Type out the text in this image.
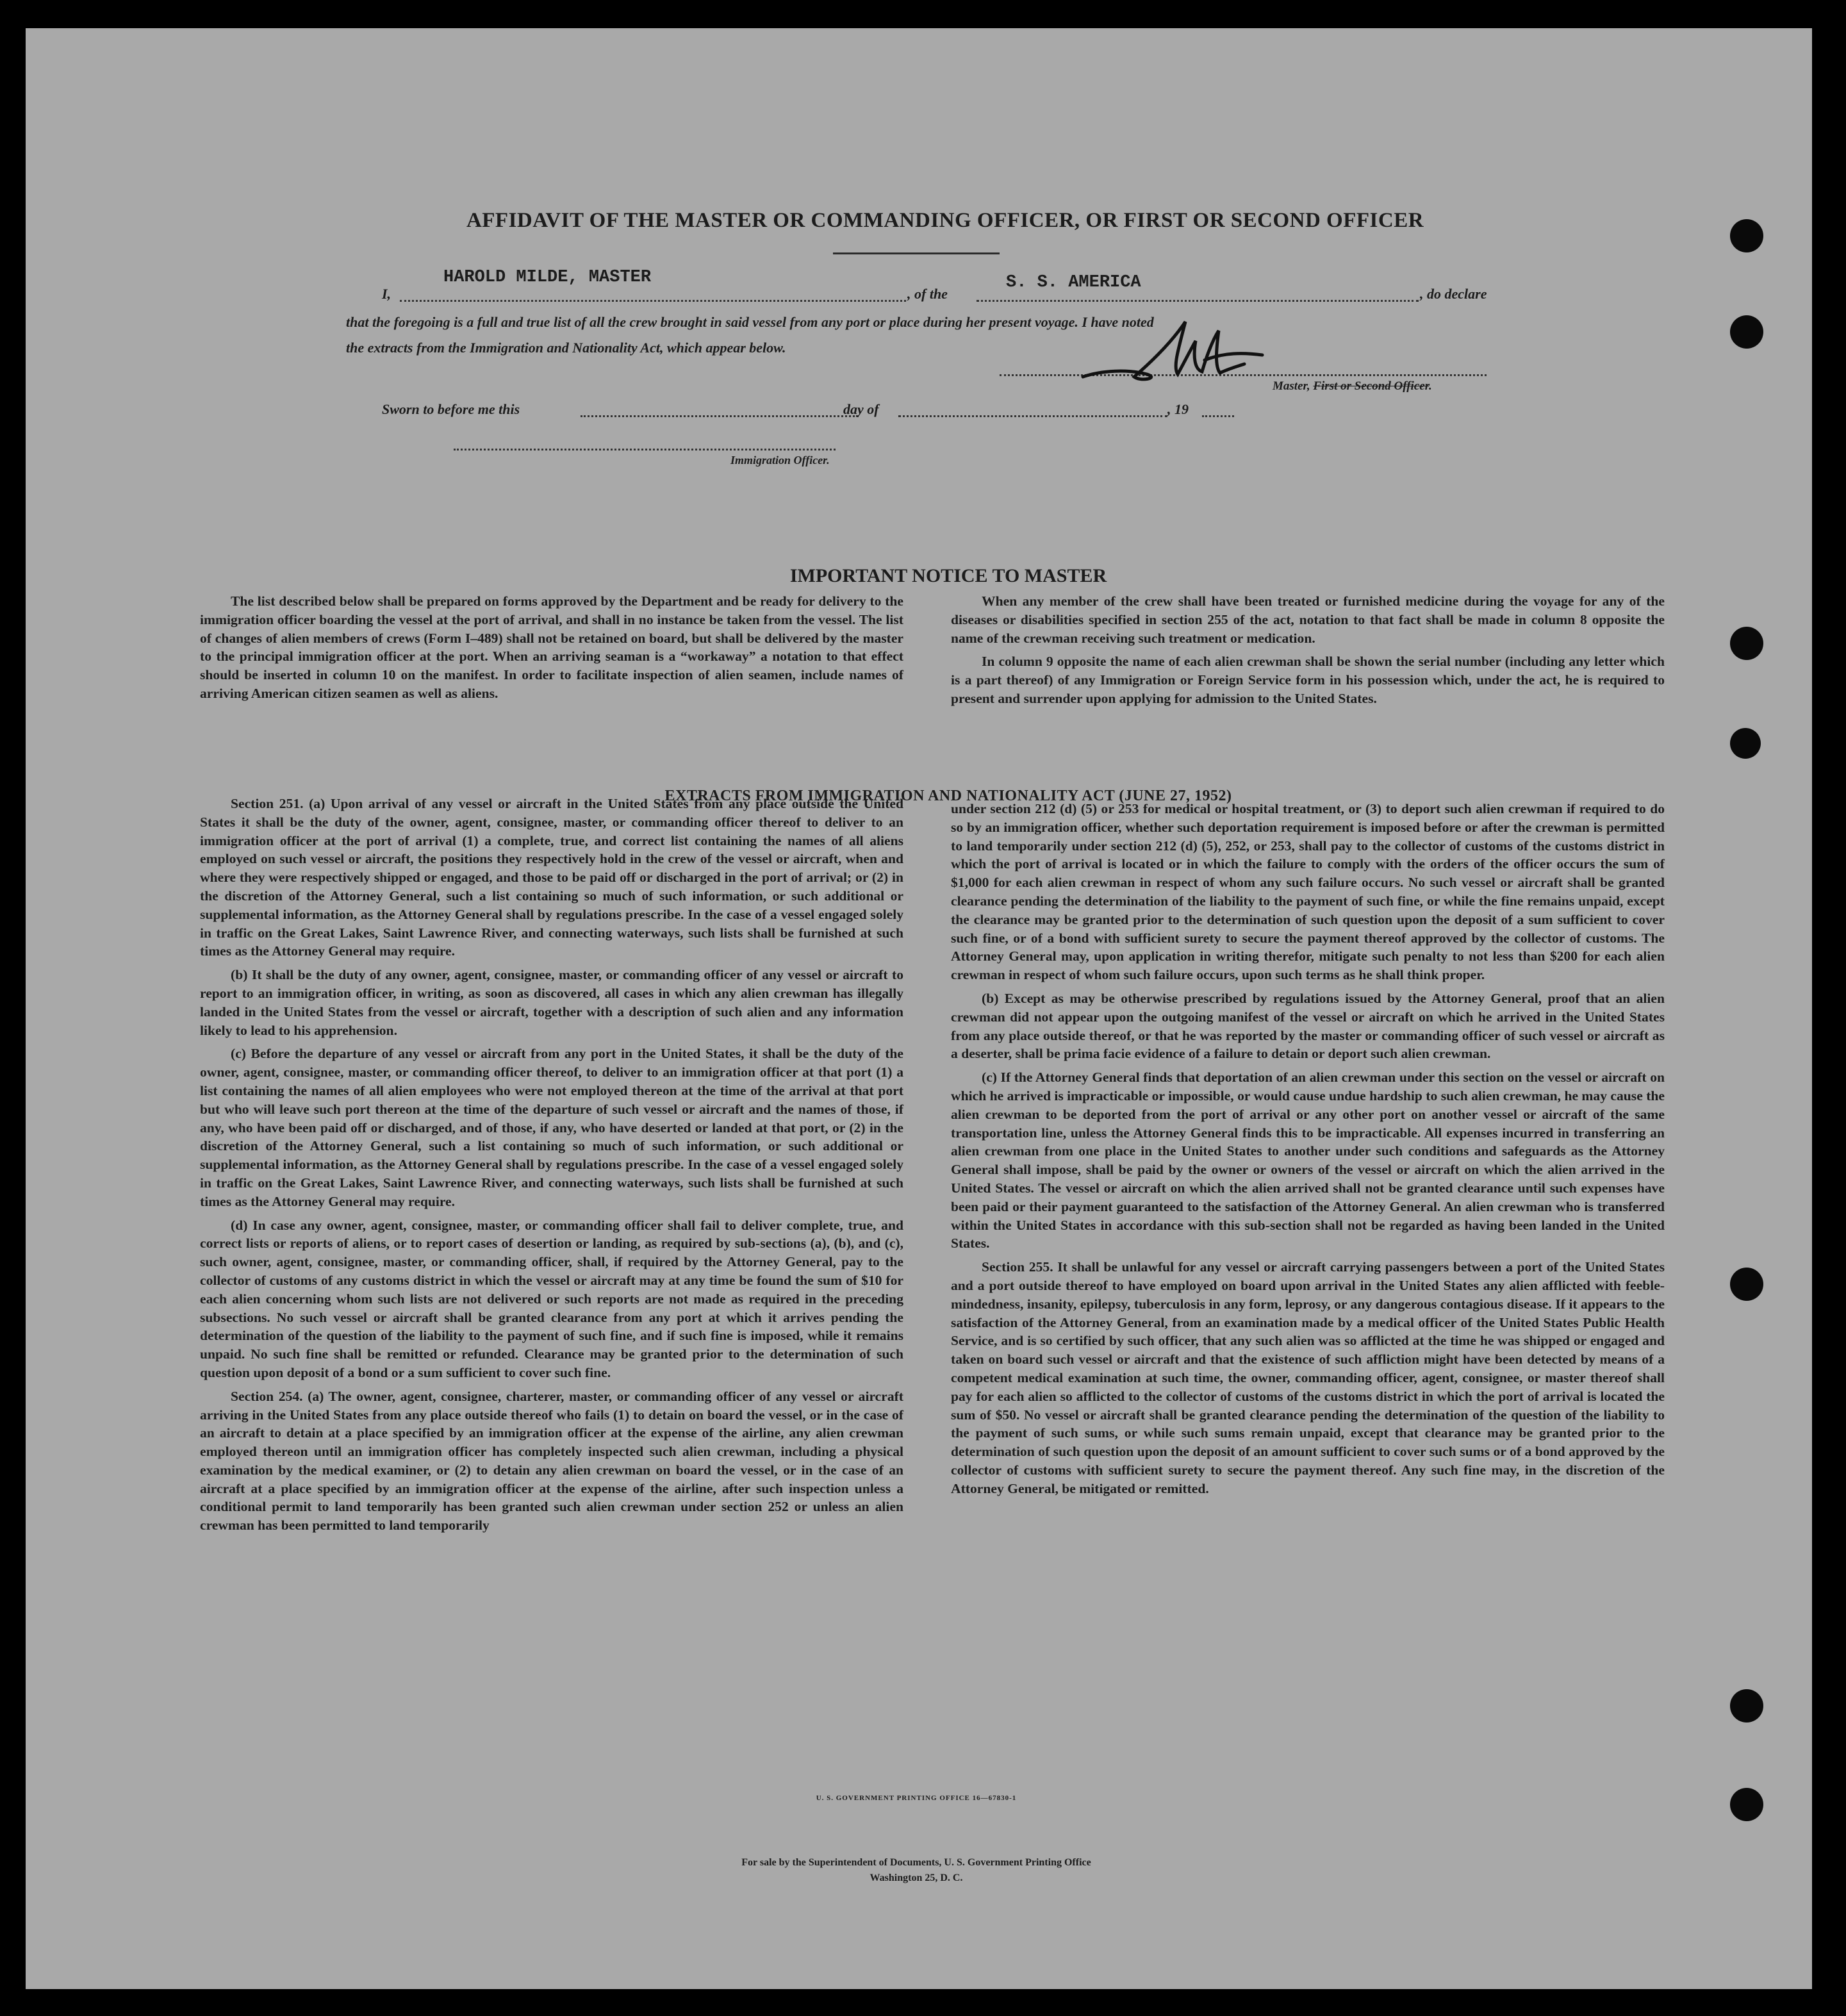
AFFIDAVIT OF THE MASTER OR COMMANDING OFFICER, OR FIRST OR SECOND OFFICER
I,
HAROLD MILDE, MASTER
, of the
S. S. AMERICA
, do declare
that the foregoing is a full and true list of all the crew brought in said vessel from any port or place during her present voyage. I have noted
the extracts from the Immigration and Nationality Act, which appear below.
Master, First or Second Officer.
Sworn to before me this	day of	, 19
Immigration Officer.
IMPORTANT NOTICE TO MASTER

The list described below shall be prepared on forms approved by the Department and be ready for delivery to the immigration officer boarding the vessel at the port of arrival, and shall in no instance be taken from the vessel. The list of changes of alien members of crews (Form I–489) shall not be retained on board, but shall be delivered by the master to the principal immigration officer at the port. When an arriving seaman is a “workaway” a notation to that effect should be inserted in column 10 on the manifest. In order to facilitate inspection of alien seamen, include names of arriving American citizen seamen as well as aliens.

When any member of the crew shall have been treated or furnished medicine during the voyage for any of the diseases or disabilities specified in section 255 of the act, notation to that fact shall be made in column 8 opposite the name of the crewman receiving such treatment or medication.

In column 9 opposite the name of each alien crewman shall be shown the serial number (including any letter which is a part thereof) of any Immigration or Foreign Service form in his possession which, under the act, he is required to present and surrender upon applying for admission to the United States.

EXTRACTS FROM IMMIGRATION AND NATIONALITY ACT (JUNE 27, 1952)

Section 251. (a) Upon arrival of any vessel or aircraft in the United States from any place outside the United States it shall be the duty of the owner, agent, consignee, master, or commanding officer thereof to deliver to an immigration officer at the port of arrival (1) a complete, true, and correct list containing the names of all aliens employed on such vessel or aircraft, the positions they respectively hold in the crew of the vessel or aircraft, when and where they were respectively shipped or engaged, and those to be paid off or discharged in the port of arrival; or (2) in the discretion of the Attorney General, such a list containing so much of such information, or such additional or supplemental information, as the Attorney General shall by regulations prescribe. In the case of a vessel engaged solely in traffic on the Great Lakes, Saint Lawrence River, and connecting waterways, such lists shall be furnished at such times as the Attorney General may require.

(b) It shall be the duty of any owner, agent, consignee, master, or commanding officer of any vessel or aircraft to report to an immigration officer, in writing, as soon as discovered, all cases in which any alien crewman has illegally landed in the United States from the vessel or aircraft, together with a description of such alien and any information likely to lead to his apprehension.

(c) Before the departure of any vessel or aircraft from any port in the United States, it shall be the duty of the owner, agent, consignee, master, or commanding officer thereof, to deliver to an immigration officer at that port (1) a list containing the names of all alien employees who were not employed thereon at the time of the arrival at that port but who will leave such port thereon at the time of the departure of such vessel or aircraft and the names of those, if any, who have been paid off or discharged, and of those, if any, who have deserted or landed at that port, or (2) in the discretion of the Attorney General, such a list containing so much of such information, or such additional or supplemental information, as the Attorney General shall by regulations prescribe. In the case of a vessel engaged solely in traffic on the Great Lakes, Saint Lawrence River, and connecting waterways, such lists shall be furnished at such times as the Attorney General may require.

(d) In case any owner, agent, consignee, master, or commanding officer shall fail to deliver complete, true, and correct lists or reports of aliens, or to report cases of desertion or landing, as required by sub-sections (a), (b), and (c), such owner, agent, consignee, master, or commanding officer, shall, if required by the Attorney General, pay to the collector of customs of any customs district in which the vessel or aircraft may at any time be found the sum of $10 for each alien concerning whom such lists are not delivered or such reports are not made as required in the preceding subsections. No such vessel or aircraft shall be granted clearance from any port at which it arrives pending the determination of the question of the liability to the payment of such fine, and if such fine is imposed, while it remains unpaid. No such fine shall be remitted or refunded. Clearance may be granted prior to the determination of such question upon deposit of a bond or a sum sufficient to cover such fine.

Section 254. (a) The owner, agent, consignee, charterer, master, or commanding officer of any vessel or aircraft arriving in the United States from any place outside thereof who fails (1) to detain on board the vessel, or in the case of an aircraft to detain at a place specified by an immigration officer at the expense of the airline, any alien crewman employed thereon until an immigration officer has completely inspected such alien crewman, including a physical examination by the medical examiner, or (2) to detain any alien crewman on board the vessel, or in the case of an aircraft at a place specified by an immigration officer at the expense of the airline, after such inspection unless a conditional permit to land temporarily has been granted such alien crewman under section 252 or unless an alien crewman has been permitted to land temporarily

under section 212 (d) (5) or 253 for medical or hospital treatment, or (3) to deport such alien crewman if required to do so by an immigration officer, whether such deportation requirement is imposed before or after the crewman is permitted to land temporarily under section 212 (d) (5), 252, or 253, shall pay to the collector of customs of the customs district in which the port of arrival is located or in which the failure to comply with the orders of the officer occurs the sum of $1,000 for each alien crewman in respect of whom any such failure occurs. No such vessel or aircraft shall be granted clearance pending the determination of the liability to the payment of such fine, or while the fine remains unpaid, except the clearance may be granted prior to the determination of such question upon the deposit of a sum sufficient to cover such fine, or of a bond with sufficient surety to secure the payment thereof approved by the collector of customs. The Attorney General may, upon application in writing therefor, mitigate such penalty to not less than $200 for each alien crewman in respect of whom such failure occurs, upon such terms as he shall think proper.

(b) Except as may be otherwise prescribed by regulations issued by the Attorney General, proof that an alien crewman did not appear upon the outgoing manifest of the vessel or aircraft on which he arrived in the United States from any place outside thereof, or that he was reported by the master or commanding officer of such vessel or aircraft as a deserter, shall be prima facie evidence of a failure to detain or deport such alien crewman.

(c) If the Attorney General finds that deportation of an alien crewman under this section on the vessel or aircraft on which he arrived is impracticable or impossible, or would cause undue hardship to such alien crewman, he may cause the alien crewman to be deported from the port of arrival or any other port on another vessel or aircraft of the same transportation line, unless the Attorney General finds this to be impracticable. All expenses incurred in transferring an alien crewman from one place in the United States to another under such conditions and safeguards as the Attorney General shall impose, shall be paid by the owner or owners of the vessel or aircraft on which the alien arrived in the United States. The vessel or aircraft on which the alien arrived shall not be granted clearance until such expenses have been paid or their payment guaranteed to the satisfaction of the Attorney General. An alien crewman who is transferred within the United States in accordance with this sub-section shall not be regarded as having been landed in the United States.

Section 255. It shall be unlawful for any vessel or aircraft carrying passengers between a port of the United States and a port outside thereof to have employed on board upon arrival in the United States any alien afflicted with feeble-mindedness, insanity, epilepsy, tuberculosis in any form, leprosy, or any dangerous contagious disease. If it appears to the satisfaction of the Attorney General, from an examination made by a medical officer of the United States Public Health Service, and is so certified by such officer, that any such alien was so afflicted at the time he was shipped or engaged and taken on board such vessel or aircraft and that the existence of such affliction might have been detected by means of a competent medical examination at such time, the owner, commanding officer, agent, consignee, or master thereof shall pay for each alien so afflicted to the collector of customs of the customs district in which the port of arrival is located the sum of $50. No vessel or aircraft shall be granted clearance pending the determination of the question of the liability to the payment of such sums, or while such sums remain unpaid, except that clearance may be granted prior to the determination of such question upon the deposit of an amount sufficient to cover such sums or of a bond approved by the collector of customs with sufficient surety to secure the payment thereof. Any such fine may, in the discretion of the Attorney General, be mitigated or remitted.

U. S. GOVERNMENT PRINTING OFFICE 16—67830-1
For sale by the Superintendent of Documents, U. S. Government Printing Office
Washington 25, D. C.
